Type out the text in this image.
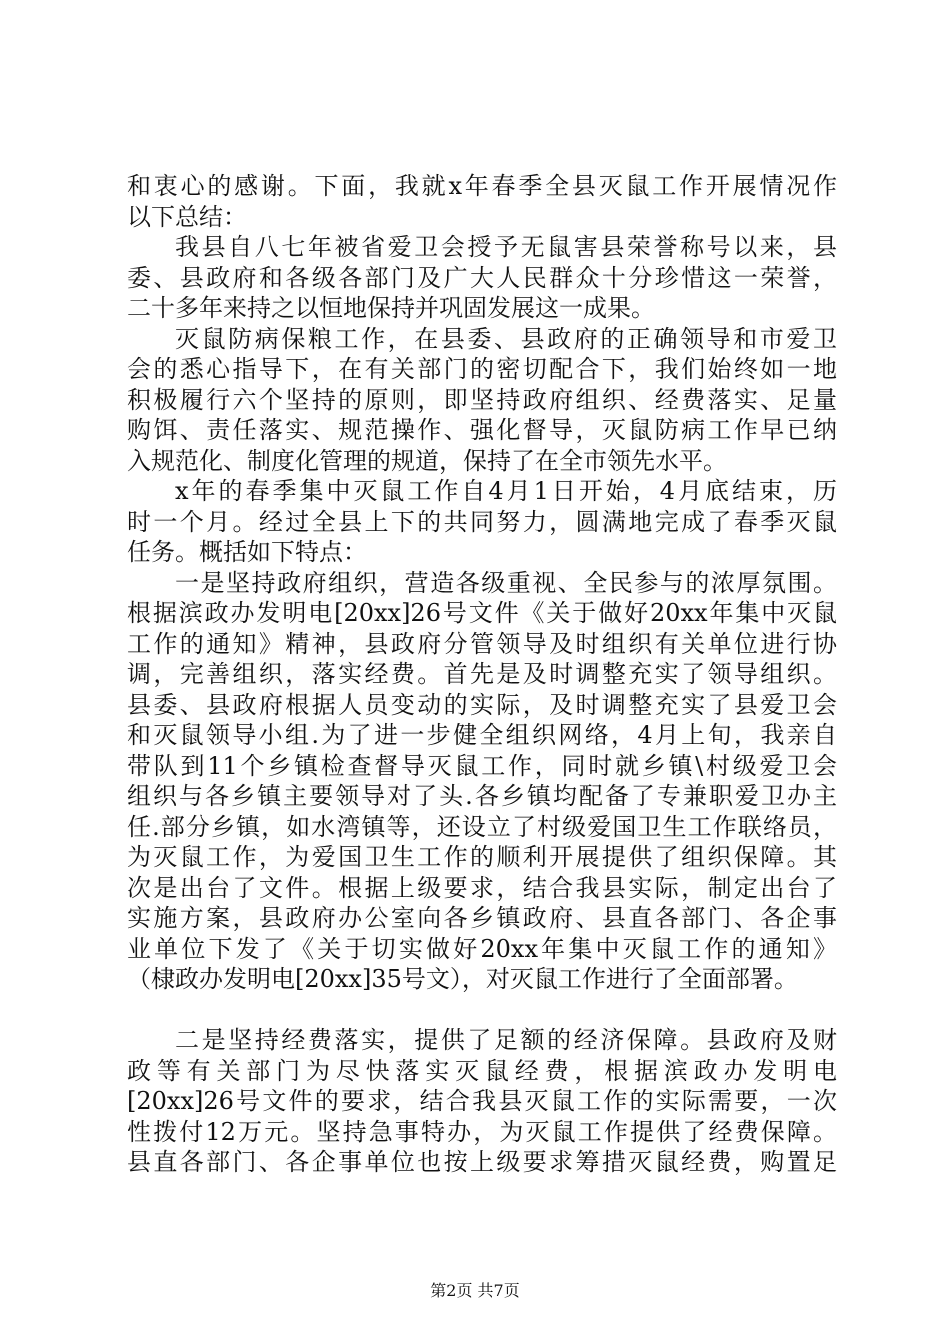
和衷心的感谢。下面，我就x年春季全县灭鼠工作开展情况作
以下总结：
我县自八七年被省爱卫会授予无鼠害县荣誉称号以来，县
委、县政府和各级各部门及广大人民群众十分珍惜这一荣誉，
二十多年来持之以恒地保持并巩固发展这一成果。
灭鼠防病保粮工作，在县委、县政府的正确领导和市爱卫
会的悉心指导下，在有关部门的密切配合下，我们始终如一地
积极履行六个坚持的原则，即坚持政府组织、经费落实、足量
购饵、责任落实、规范操作、强化督导，灭鼠防病工作早已纳
入规范化、制度化管理的规道，保持了在全市领先水平。
x年的春季集中灭鼠工作自4月1日开始，4月底结束，历
时一个月。经过全县上下的共同努力，圆满地完成了春季灭鼠
任务。概括如下特点：
一是坚持政府组织，营造各级重视、全民参与的浓厚氛围。
根据滨政办发明电[20xx]26号文件《关于做好20xx年集中灭鼠
工作的通知》精神，县政府分管领导及时组织有关单位进行协
调，完善组织，落实经费。首先是及时调整充实了领导组织。
县委、县政府根据人员变动的实际，及时调整充实了县爱卫会
和灭鼠领导小组.为了进一步健全组织网络，4月上旬，我亲自
带队到11个乡镇检查督导灭鼠工作，同时就乡镇\村级爱卫会
组织与各乡镇主要领导对了头.各乡镇均配备了专兼职爱卫办主
任.部分乡镇，如水湾镇等，还设立了村级爱国卫生工作联络员，
为灭鼠工作，为爱国卫生工作的顺利开展提供了组织保障。其
次是出台了文件。根据上级要求，结合我县实际，制定出台了
实施方案，县政府办公室向各乡镇政府、县直各部门、各企事
业单位下发了《关于切实做好20xx年集中灭鼠工作的通知》
（棣政办发明电[20xx]35号文），对灭鼠工作进行了全面部署。
二是坚持经费落实，提供了足额的经济保障。县政府及财
政等有关部门为尽快落实灭鼠经费，根据滨政办发明电
[20xx]26号文件的要求，结合我县灭鼠工作的实际需要，一次
性拨付12万元。坚持急事特办，为灭鼠工作提供了经费保障。
县直各部门、各企事单位也按上级要求筹措灭鼠经费，购置足
第2页 共7页
